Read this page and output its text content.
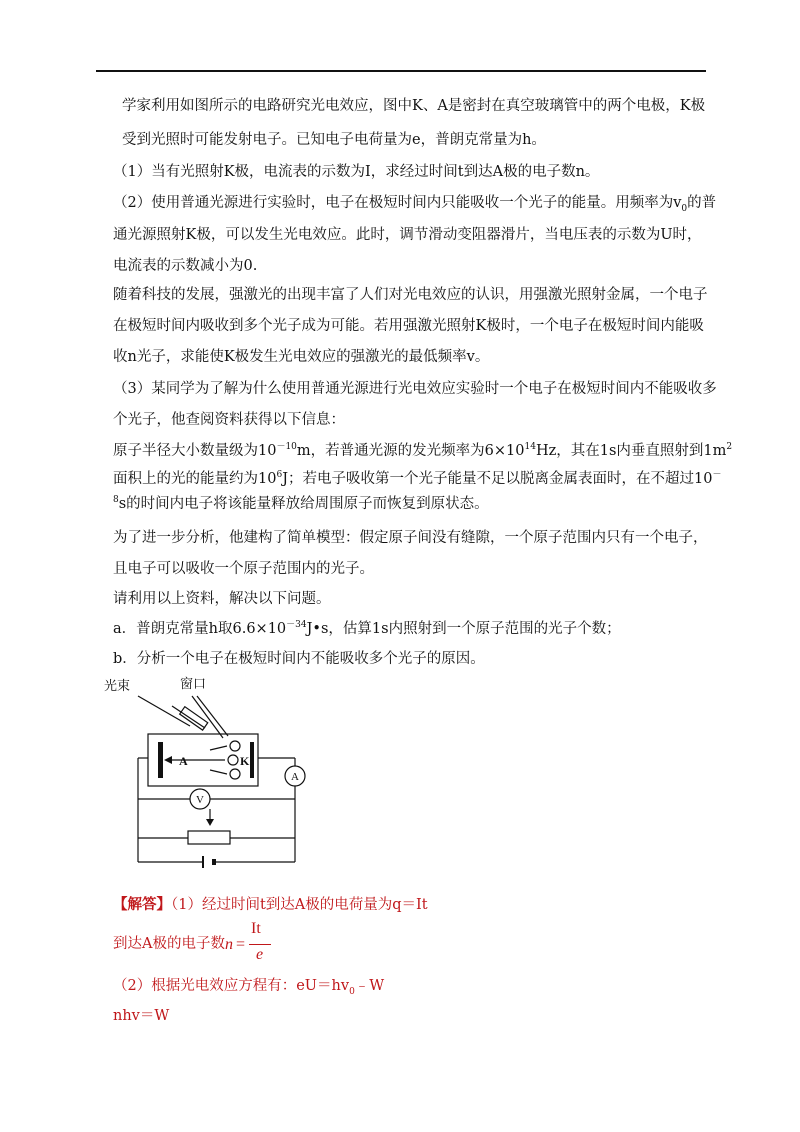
学家利用如图所示的电路研究光电效应，图中K、A是密封在真空玻璃管中的两个电极，K极
受到光照时可能发射电子。已知电子电荷量为e，普朗克常量为h。
（1）当有光照射K极，电流表的示数为I，求经过时间t到达A极的电子数n。
（2）使用普通光源进行实验时，电子在极短时间内只能吸收一个光子的能量。用频率为$v_0$的普
通光源照射K极，可以发生光电效应。此时，调节滑动变阻器滑片，当电压表的示数为U时，
电流表的示数减小为0.
随着科技的发展，强激光的出现丰富了人们对光电效应的认识，用强激光照射金属，一个电子
在极短时间内吸收到多个光子成为可能。若用强激光照射K极时，一个电子在极短时间内能吸
收n光子，求能使K极发生光电效应的强激光的最低频率v。
（3）某同学为了解为什么使用普通光源进行光电效应实验时一个电子在极短时间内不能吸收多
个光子，他查阅资料获得以下信息：
原子半径大小数量级为$10^{-10}m$，若普通光源的发光频率为$6\times 10^{14}Hz$，其在1s内垂直照射到$1m^2$
面积上的光的能量约为$10^6J$；若电子吸收第一个光子能量不足以脱离金属表面时，在不超过10－
$^8$s的时间内电子将该能量释放给周围原子而恢复到原状态。
为了进一步分析，他建构了简单模型：假定原子间没有缝隙，一个原子范围内只有一个电子，
且电子可以吸收一个原子范围内的光子。
请利用以上资料，解决以下问题。
a．普朗克常量h取$6.6\times 10^{-34}J•s$，估算1s内照射到一个原子范围的光子个数；
b．分析一个电子在极短时间内不能吸收多个光子的原因。
光束	窗口
A	K
A
V
【解答】（1）经过时间t到达A极的电荷量为q＝It
到达A极的电子数 n =
It
e
（2）根据光电效应方程有：$eU=hv_0﹣W$
nhv＝W
